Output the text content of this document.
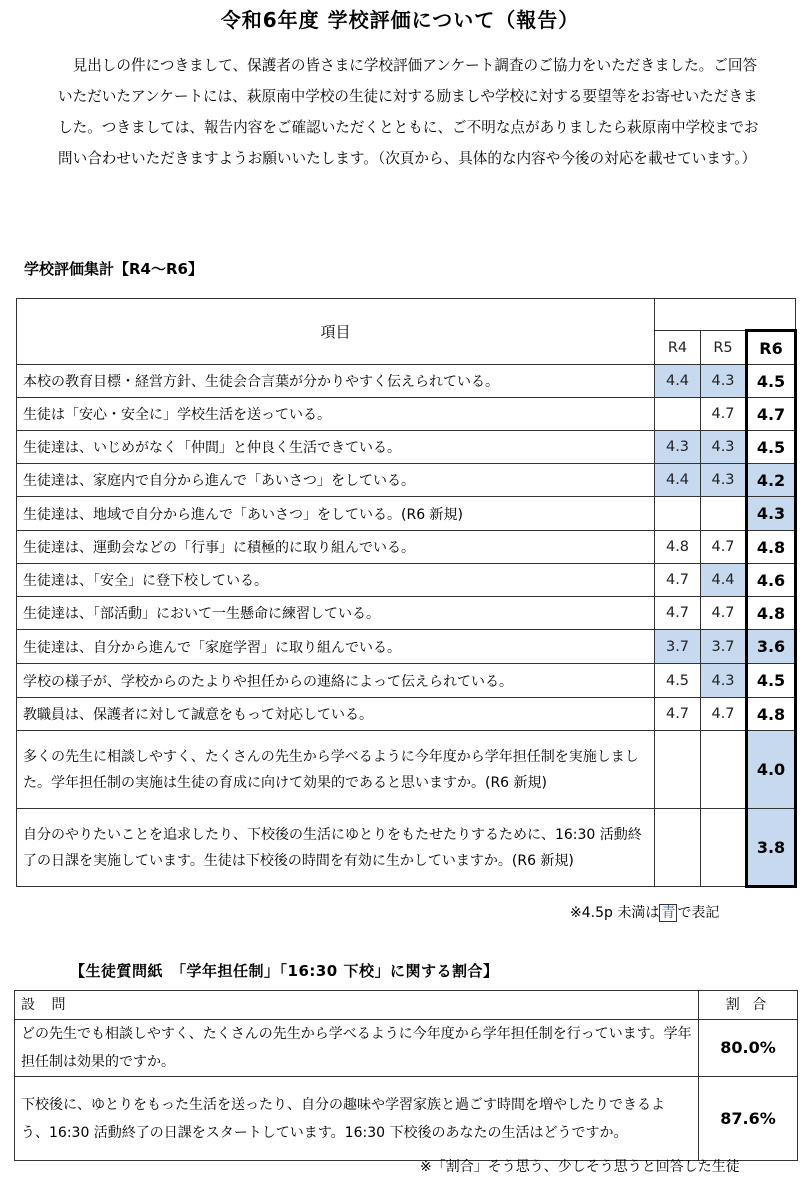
令和6年度 学校評価について（報告）

見出しの件につきまして、保護者の皆さまに学校評価アンケート調査のご協力をいただきました。ご回答いただいたアンケートには、萩原南中学校の生徒に対する励ましや学校に対する要望等をお寄せいただきました。つきましては、報告内容をご確認いただくとともに、ご不明な点がありましたら萩原南中学校までお問い合わせいただきますようお願いいたします。（次頁から、具体的な内容や今後の対応を載せています。）

学校評価集計【R4～R6】
項目			
	R4	R5	R6
本校の教育目標・経営方針、生徒会合言葉が分かりやすく伝えられている。	4.4	4.3	4.5
生徒は「安心・安全に」学校生活を送っている。		4.7	4.7
生徒達は、いじめがなく「仲間」と仲良く生活できている。	4.3	4.3	4.5
生徒達は、家庭内で自分から進んで「あいさつ」をしている。	4.4	4.3	4.2
生徒達は、地域で自分から進んで「あいさつ」をしている。(R6 新規)			4.3
生徒達は、運動会などの「行事」に積極的に取り組んでいる。	4.8	4.7	4.8
生徒達は、「安全」に登下校している。	4.7	4.4	4.6
生徒達は、「部活動」において一生懸命に練習している。	4.7	4.7	4.8
生徒達は、自分から進んで「家庭学習」に取り組んでいる。	3.7	3.7	3.6
学校の様子が、学校からのたよりや担任からの連絡によって伝えられている。	4.5	4.3	4.5
教職員は、保護者に対して誠意をもって対応している。	4.7	4.7	4.8
多くの先生に相談しやすく、たくさんの先生から学べるように今年度から学年担任制を実施しました。学年担任制の実施は生徒の育成に向けて効果的であると思いますか。(R6 新規)			4.0
自分のやりたいことを追求したり、下校後の生活にゆとりをもたせたりするために、16:30 活動終了の日課を実施しています。生徒は下校後の時間を有効に生かしていますか。(R6 新規)			3.8
※4.5p 未満は 青 で表記
【生徒質問紙　「学年担任制」「16:30 下校」に関する割合】
設 問	割 合
どの先生でも相談しやすく、たくさんの先生から学べるように今年度から学年担任制を行っています。学年担任制は効果的ですか。	80.0%
下校後に、ゆとりをもった生活を送ったり、自分の趣味や学習家族と過ごす時間を増やしたりできるよう、16:30 活動終了の日課をスタートしています。16:30 下校後のあなたの生活はどうですか。	87.6%
※「割合」そう思う、少しそう思うと回答した生徒
